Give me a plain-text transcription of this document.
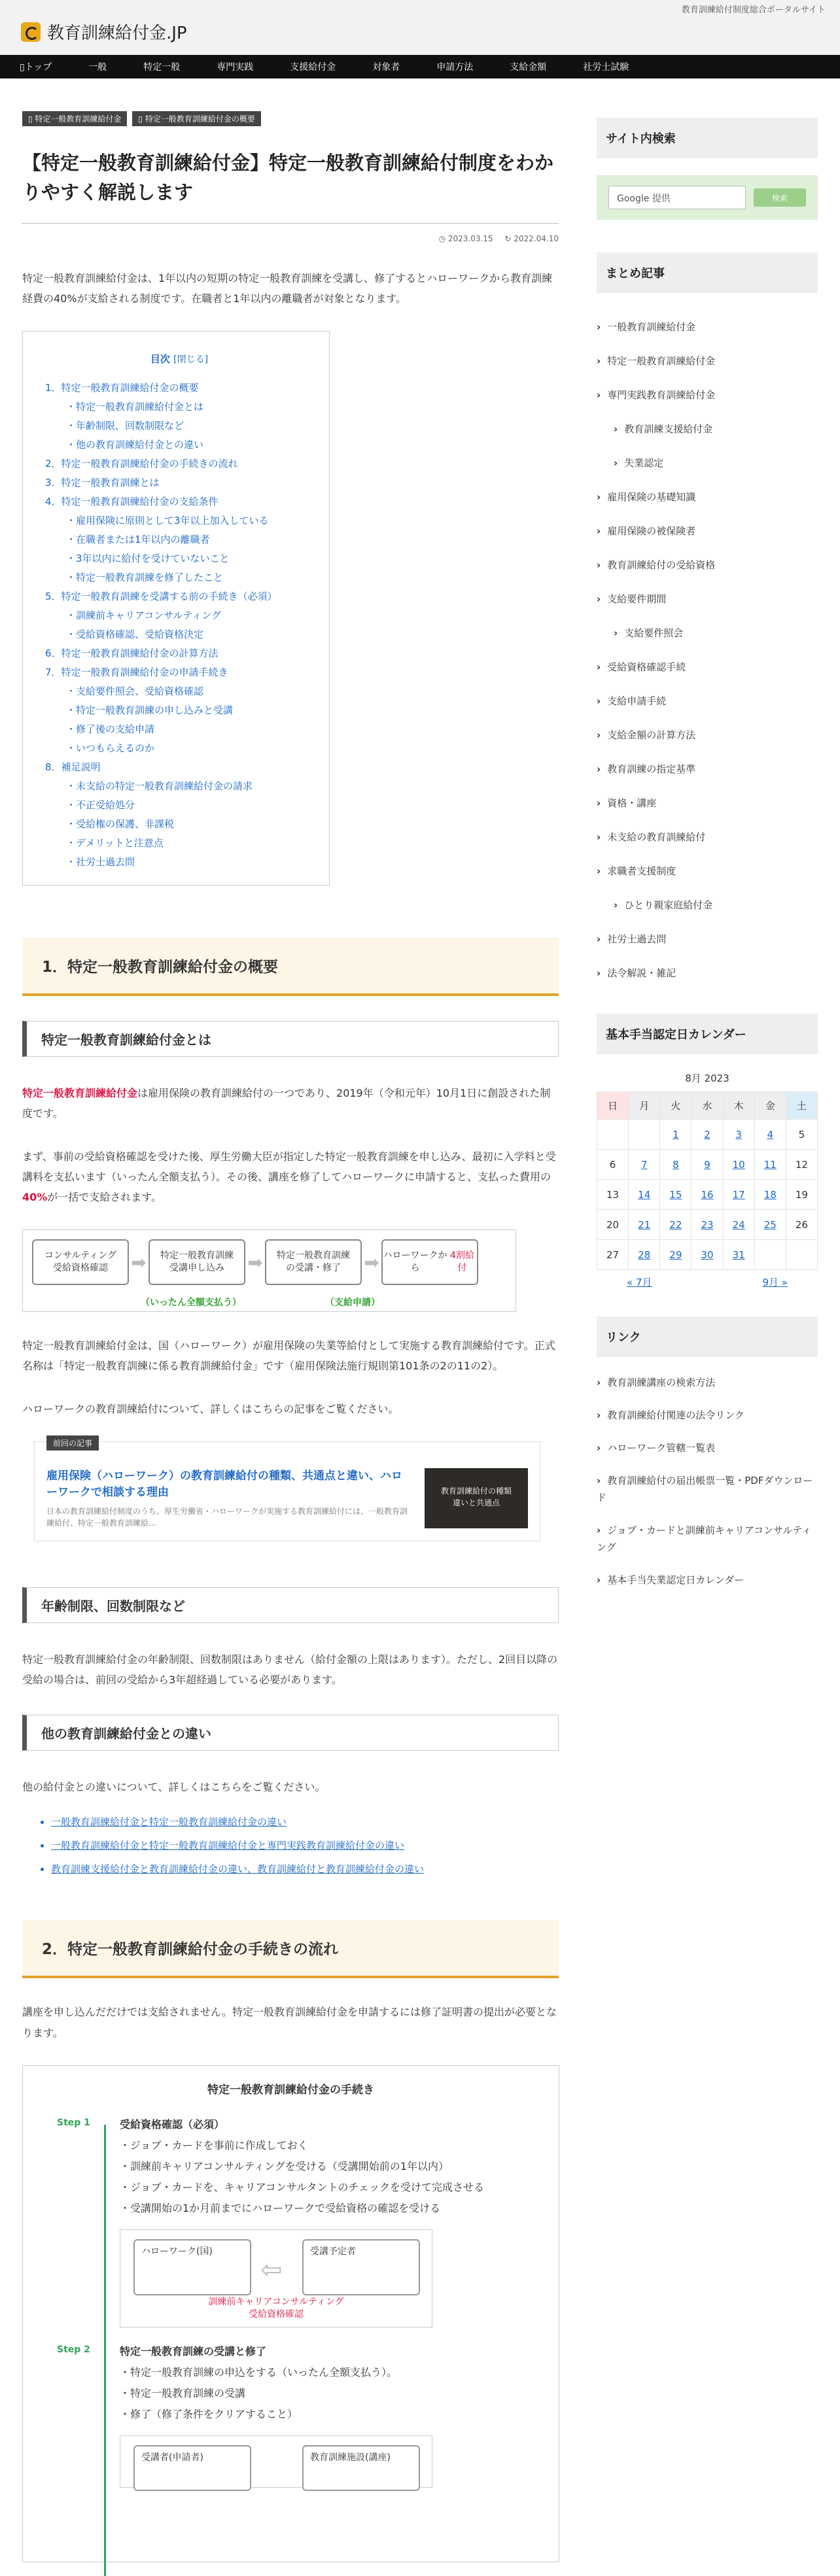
教育訓練給付制度総合ポータルサイト
教育訓練給付金.JP
▯トップ	一般	特定一般	専門実践	支援給付金	対象者	申請方法	支給金額	社労士試験
▯ 特定一般教育訓練給付金	▯ 特定一般教育訓練給付金の概要
【特定一般教育訓練給付金】特定一般教育訓練給付制度をわかりやすく解説します
◷ 2023.03.15 ↻ 2022.04.10

特定一般教育訓練給付金は、1年以内の短期の特定一般教育訓練を受講し、修了するとハローワークから教育訓練経費の40%が支給される制度です。在職者と1年以内の離職者が対象となります。

目次 [閉じる]
1．特定一般教育訓練給付金の概要
・特定一般教育訓練給付金とは
・年齢制限、回数制限など
・他の教育訓練給付金との違い
2．特定一般教育訓練給付金の手続きの流れ
3．特定一般教育訓練とは
4．特定一般教育訓練給付金の支給条件
・雇用保険に原則として3年以上加入している
・在職者または1年以内の離職者
・3年以内に給付を受けていないこと
・特定一般教育訓練を修了したこと
5．特定一般教育訓練を受講する前の手続き（必須）
・訓練前キャリアコンサルティング
・受給資格確認、受給資格決定
6．特定一般教育訓練給付金の計算方法
7．特定一般教育訓練給付金の申請手続き
・支給要件照会、受給資格確認
・特定一般教育訓練の申し込みと受講
・修了後の支給申請
・いつもらえるのか
8．補足説明
・未支給の特定一般教育訓練給付金の請求
・不正受給処分
・受給権の保護、非課税
・デメリットと注意点
・社労士過去問
1．特定一般教育訓練給付金の概要
特定一般教育訓練給付金とは

特定一般教育訓練給付金は雇用保険の教育訓練給付の一つであり、2019年（令和元年）10月1日に創設された制度です。

まず、事前の受給資格確認を受けた後、厚生労働大臣が指定した特定一般教育訓練を申し込み、最初に入学料と受講料を支払います（いったん全額支払う）。その後、講座を修了してハローワークに申請すると、支払った費用の40%が一括で支給されます。

（いったん全額支払う）	（支給申請）
コンサルティング
受給資格確認	➡	特定一般教育訓練
受講申し込み	➡	特定一般教育訓練
の受講・修了	➡ ハローワークから

4割給付

特定一般教育訓練給付金は、国（ハローワーク）が雇用保険の失業等給付として実施する教育訓練給付です。正式名称は「特定一般教育訓練に係る教育訓練給付金」です（雇用保険法施行規則第101条の2の11の2）。

ハローワークの教育訓練給付について、詳しくはこちらの記事をご覧ください。

前回の記事
雇用保険（ハローワーク）の教育訓練給付の種類、共通点と違い、ハローワークで相談する理由
日本の教育訓練給付制度のうち、厚生労働省・ハローワークが実施する教育訓練給付には、一般教育訓練給付、特定一般教育訓練給...
教育訓練給付の種類
違いと共通点
年齢制限、回数制限など

特定一般教育訓練給付金の年齢制限、回数制限はありません（給付金額の上限はあります）。ただし、2回目以降の受給の場合は、前回の受給から3年超経過している必要があります。

他の教育訓練給付金との違い

他の給付金との違いについて、詳しくはこちらをご覧ください。

• 一般教育訓練給付金と特定一般教育訓練給付金の違い
• 一般教育訓練給付金と特定一般教育訓練給付金と専門実践教育訓練給付金の違い
• 教育訓練支援給付金と教育訓練給付金の違い、教育訓練給付と教育訓練給付金の違い
2．特定一般教育訓練給付金の手続きの流れ

講座を申し込んだだけでは支給されません。特定一般教育訓練給付金を申請するには修了証明書の提出が必要となります。

特定一般教育訓練給付金の手続き
Step 1	受給資格確認（必須）
・ジョブ・カードを事前に作成しておく
・訓練前キャリアコンサルティングを受ける（受講開始前の1年以内）
・ジョブ・カードを、キャリアコンサルタントのチェックを受けて完成させる
・受講開始の1か月前までにハローワークで受給資格の確認を受ける
ハローワーク(国)
⇦
受講予定者
訓練前キャリアコンサルティング
受給資格確認
Step 2	特定一般教育訓練の受講と修了
・特定一般教育訓練の申込をする（いったん全額支払う）。
・特定一般教育訓練の受講
・修了（修了条件をクリアすること）
受講者(申請者)	教育訓練施設(講座)
サイト内検索
Google 提供	検索
まとめ記事
› 一般教育訓練給付金
› 特定一般教育訓練給付金
› 専門実践教育訓練給付金
› 教育訓練支援給付金
› 失業認定
› 雇用保険の基礎知識
› 雇用保険の被保険者
› 教育訓練給付の受給資格
› 支給要件期間
› 支給要件照会
› 受給資格確認手続
› 支給申請手続
› 支給金額の計算方法
› 教育訓練の指定基準
› 資格・講座
› 未支給の教育訓練給付
› 求職者支援制度
› ひとり親家庭給付金
› 社労士過去問
› 法令解説・雑記
基本手当認定日カレンダー
8月 2023
日	月	火	水	木	金	土
		1	2	3	4	5
6	7	8	9	10	11	12
13	14	15	16	17	18	19
20	21	22	23	24	25	26
27	28	29	30	31		
« 7月	9月 »
リンク
› 教育訓練講座の検索方法
› 教育訓練給付関連の法令リンク
› ハローワーク管轄一覧表
› 教育訓練給付の届出帳票一覧・PDFダウンロード
› ジョブ・カードと訓練前キャリアコンサルティング
› 基本手当失業認定日カレンダー
